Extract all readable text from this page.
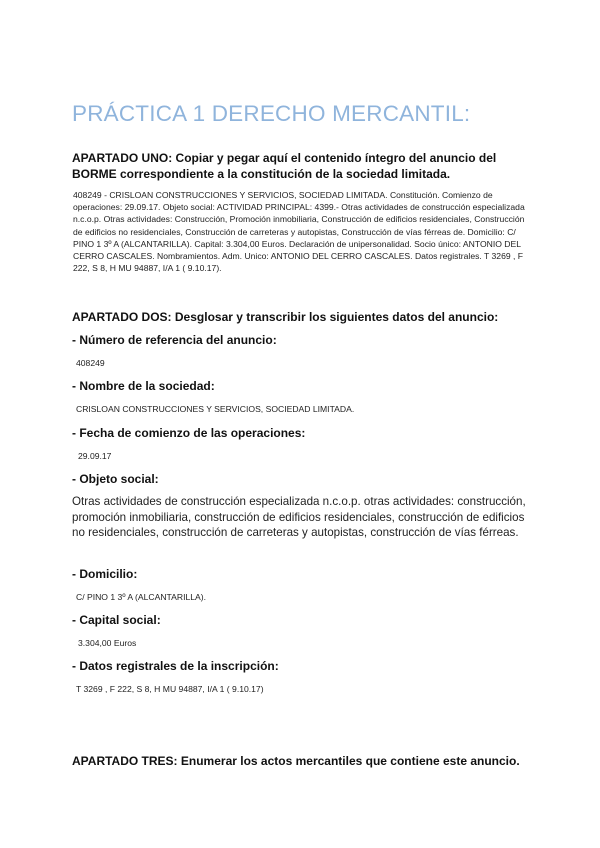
PRÁCTICA 1 DERECHO MERCANTIL:

APARTADO UNO: Copiar y pegar aquí el contenido íntegro del anuncio del BORME correspondiente a la constitución de la sociedad limitada.

408249 - CRISLOAN CONSTRUCCIONES Y SERVICIOS, SOCIEDAD LIMITADA. Constitución. Comienzo de operaciones: 29.09.17. Objeto social: ACTIVIDAD PRINCIPAL: 4399.- Otras actividades de construcción especializada n.c.o.p. Otras actividades: Construcción, Promoción inmobiliaria, Construcción de edificios residenciales, Construcción de edificios no residenciales, Construcción de carreteras y autopistas, Construcción de vías férreas de. Domicilio: C/ PINO 1 3º A (ALCANTARILLA). Capital: 3.304,00 Euros. Declaración de unipersonalidad. Socio único: ANTONIO DEL CERRO CASCALES. Nombramientos. Adm. Unico: ANTONIO DEL CERRO CASCALES. Datos registrales. T 3269 , F 222, S 8, H MU 94887, I/A 1 ( 9.10.17).

APARTADO DOS: Desglosar y transcribir los siguientes datos del anuncio:

- Número de referencia del anuncio:

408249

- Nombre de la sociedad:

CRISLOAN CONSTRUCCIONES Y SERVICIOS, SOCIEDAD LIMITADA.

- Fecha de comienzo de las operaciones:

29.09.17

- Objeto social:

Otras actividades de construcción especializada n.c.o.p. otras actividades: construcción, promoción inmobiliaria, construcción de edificios residenciales, construcción de edificios no residenciales, construcción de carreteras y autopistas, construcción de vías férreas.

- Domicilio:

C/ PINO 1 3º A (ALCANTARILLA).

- Capital social:

3.304,00 Euros

- Datos registrales de la inscripción:

T 3269 , F 222, S 8, H MU 94887, I/A 1 ( 9.10.17)

APARTADO TRES: Enumerar los actos mercantiles que contiene este anuncio.
